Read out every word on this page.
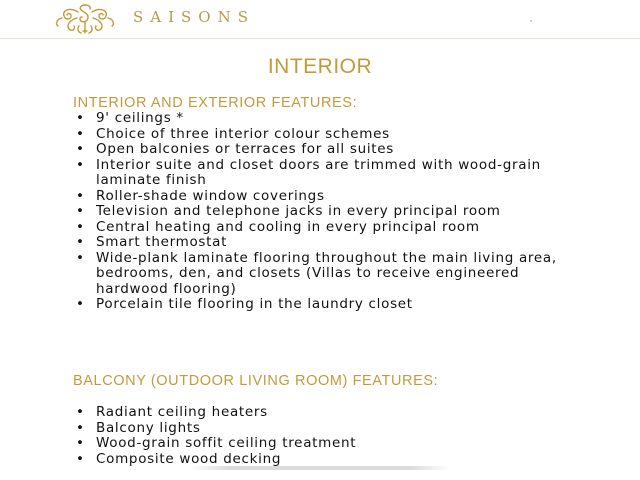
SAISONS
INTERIOR
INTERIOR AND EXTERIOR FEATURES:
• 9' ceilings *
• Choice of three interior colour schemes
• Open balconies or terraces for all suites
• Interior suite and closet doors are trimmed with wood-grain laminate finish
• Roller-shade window coverings
• Television and telephone jacks in every principal room
• Central heating and cooling in every principal room
• Smart thermostat
• Wide-plank laminate flooring throughout the main living area, bedrooms, den, and closets (Villas to receive engineered hardwood flooring)
• Porcelain tile flooring in the laundry closet
BALCONY (OUTDOOR LIVING ROOM) FEATURES:
• Radiant ceiling heaters
• Balcony lights
• Wood-grain soffit ceiling treatment
• Composite wood decking
